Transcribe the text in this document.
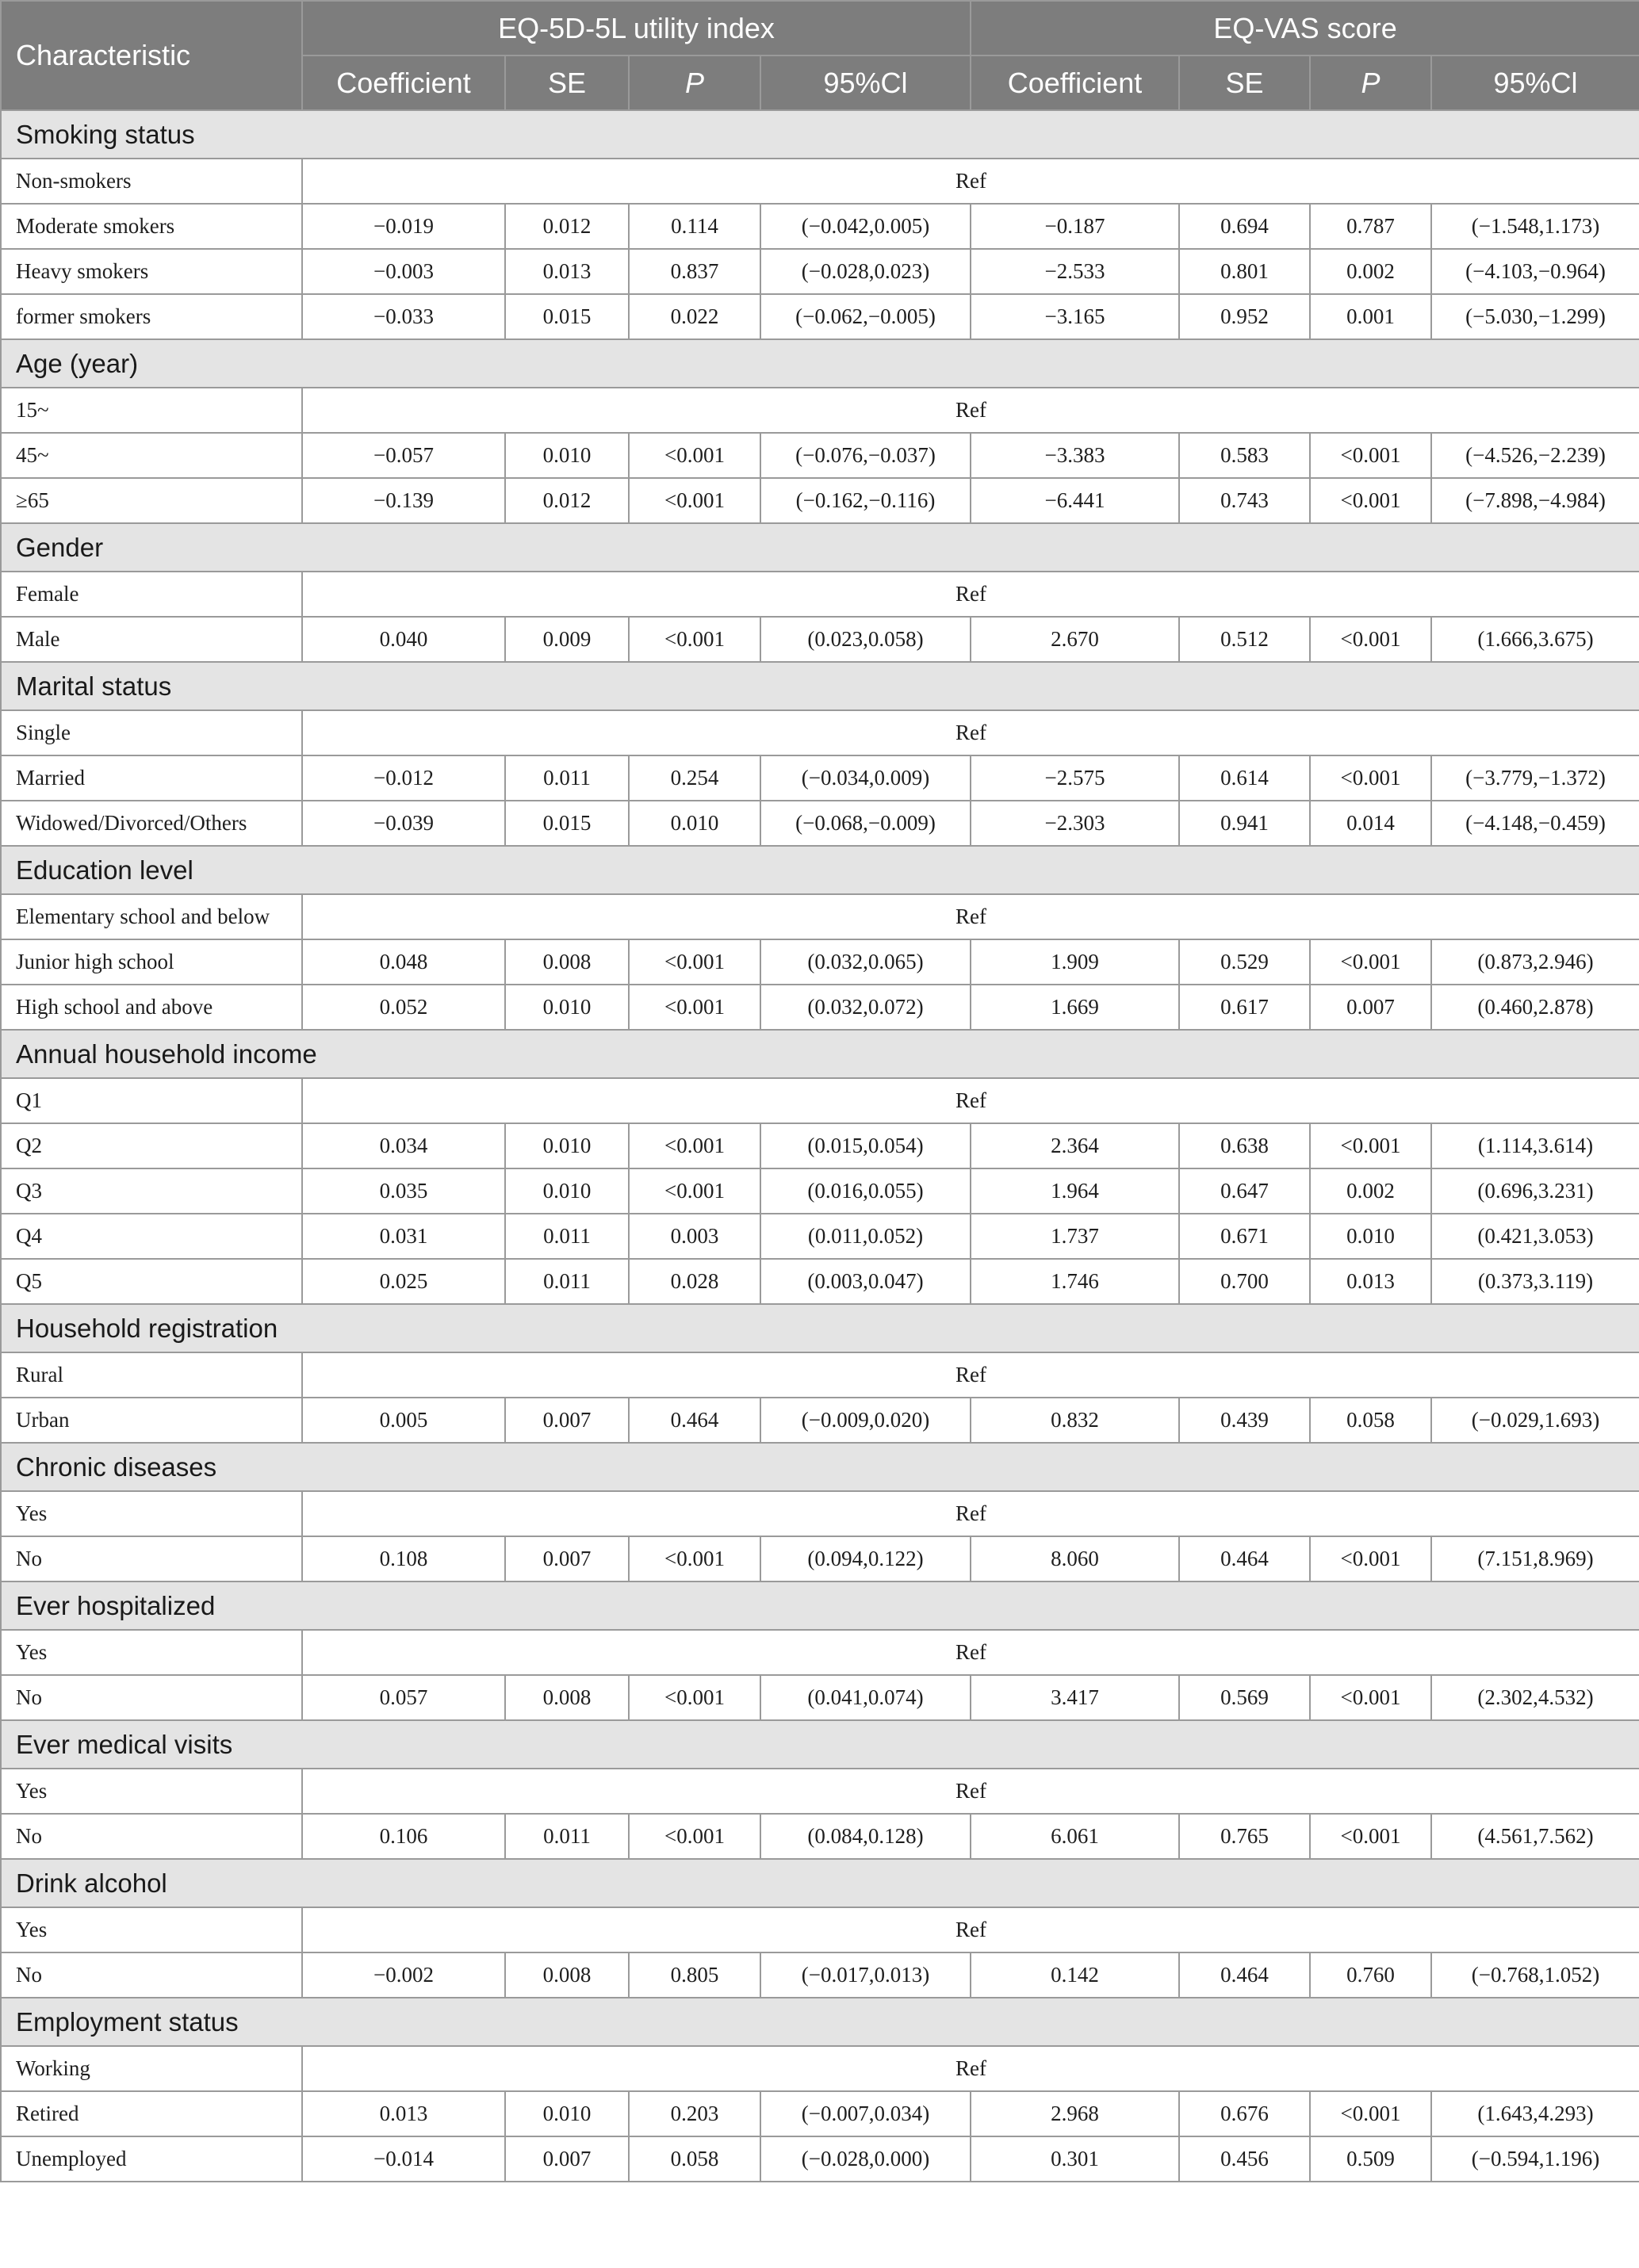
Characteristic	EQ-5D-5L utility index				EQ-VAS score			
	Coefficient	SE	P	95%Cl	Coefficient	SE	P	95%Cl
Smoking status								
Non-smokers	Ref							
Moderate smokers	−0.019	0.012	0.114	(−0.042,0.005)	−0.187	0.694	0.787	(−1.548,1.173)
Heavy smokers	−0.003	0.013	0.837	(−0.028,0.023)	−2.533	0.801	0.002	(−4.103,−0.964)
former smokers	−0.033	0.015	0.022	(−0.062,−0.005)	−3.165	0.952	0.001	(−5.030,−1.299)
Age (year)								
15~	Ref							
45~	−0.057	0.010	<0.001	(−0.076,−0.037)	−3.383	0.583	<0.001	(−4.526,−2.239)
≥65	−0.139	0.012	<0.001	(−0.162,−0.116)	−6.441	0.743	<0.001	(−7.898,−4.984)
Gender								
Female	Ref							
Male	0.040	0.009	<0.001	(0.023,0.058)	2.670	0.512	<0.001	(1.666,3.675)
Marital status								
Single	Ref							
Married	−0.012	0.011	0.254	(−0.034,0.009)	−2.575	0.614	<0.001	(−3.779,−1.372)
Widowed/Divorced/Others	−0.039	0.015	0.010	(−0.068,−0.009)	−2.303	0.941	0.014	(−4.148,−0.459)
Education level								
Elementary school and below	Ref							
Junior high school	0.048	0.008	<0.001	(0.032,0.065)	1.909	0.529	<0.001	(0.873,2.946)
High school and above	0.052	0.010	<0.001	(0.032,0.072)	1.669	0.617	0.007	(0.460,2.878)
Annual household income								
Q1	Ref							
Q2	0.034	0.010	<0.001	(0.015,0.054)	2.364	0.638	<0.001	(1.114,3.614)
Q3	0.035	0.010	<0.001	(0.016,0.055)	1.964	0.647	0.002	(0.696,3.231)
Q4	0.031	0.011	0.003	(0.011,0.052)	1.737	0.671	0.010	(0.421,3.053)
Q5	0.025	0.011	0.028	(0.003,0.047)	1.746	0.700	0.013	(0.373,3.119)
Household registration								
Rural	Ref							
Urban	0.005	0.007	0.464	(−0.009,0.020)	0.832	0.439	0.058	(−0.029,1.693)
Chronic diseases								
Yes	Ref							
No	0.108	0.007	<0.001	(0.094,0.122)	8.060	0.464	<0.001	(7.151,8.969)
Ever hospitalized								
Yes	Ref							
No	0.057	0.008	<0.001	(0.041,0.074)	3.417	0.569	<0.001	(2.302,4.532)
Ever medical visits								
Yes	Ref							
No	0.106	0.011	<0.001	(0.084,0.128)	6.061	0.765	<0.001	(4.561,7.562)
Drink alcohol								
Yes	Ref							
No	−0.002	0.008	0.805	(−0.017,0.013)	0.142	0.464	0.760	(−0.768,1.052)
Employment status								
Working	Ref							
Retired	0.013	0.010	0.203	(−0.007,0.034)	2.968	0.676	<0.001	(1.643,4.293)
Unemployed	−0.014	0.007	0.058	(−0.028,0.000)	0.301	0.456	0.509	(−0.594,1.196)
